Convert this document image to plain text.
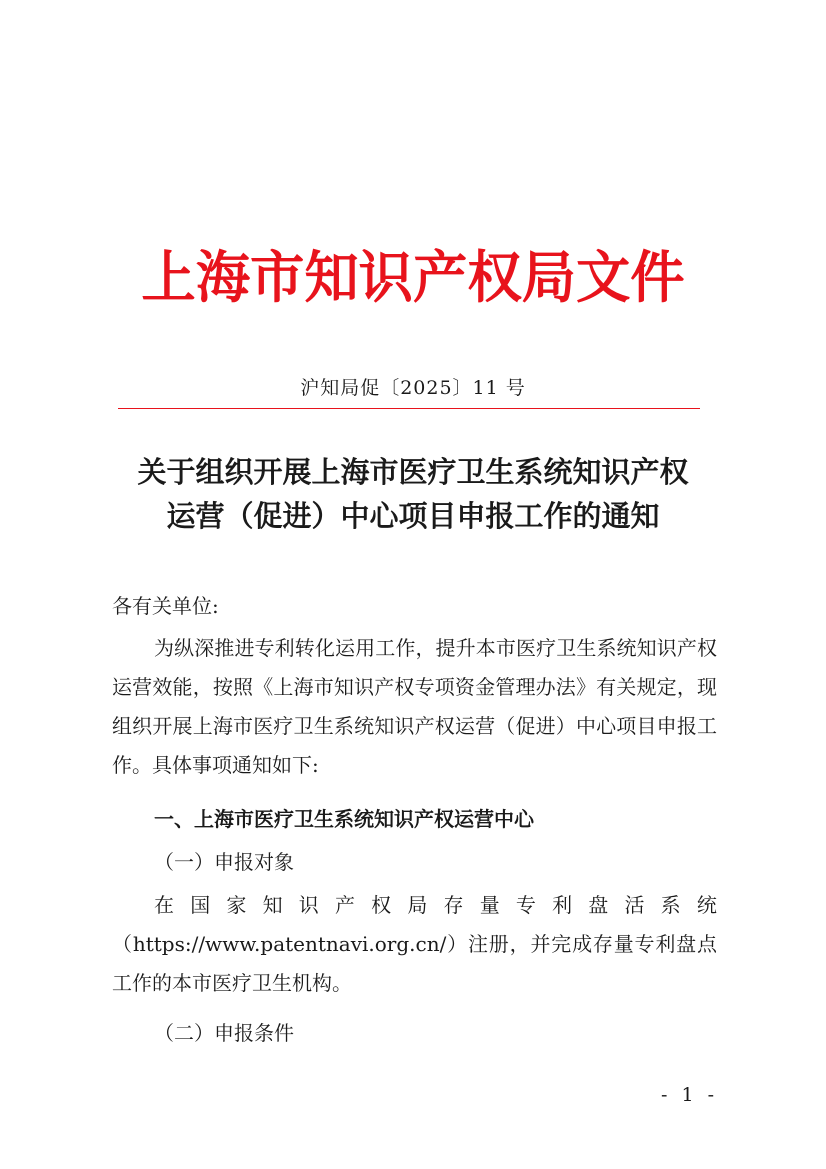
上海市知识产权局文件
沪知局促〔2025〕11 号
关于组织开展上海市医疗卫生系统知识产权
运营（促进）中心项目申报工作的通知
各有关单位:

为纵深推进专利转化运用工作，提升本市医疗卫生系统知识产权运营效能，按照《上海市知识产权专项资金管理办法》有关规定，现组织开展上海市医疗卫生系统知识产权运营（促进）中心项目申报工作。具体事项通知如下:

一、上海市医疗卫生系统知识产权运营中心
（一）申报对象
在 国 家 知 识 产 权 局 存 量 专 利 盘 活 系 统

（https://www.patentnavi.org.cn/）注册，并完成存量专利盘点工作的本市医疗卫生机构。

（二）申报条件
- 1 -
